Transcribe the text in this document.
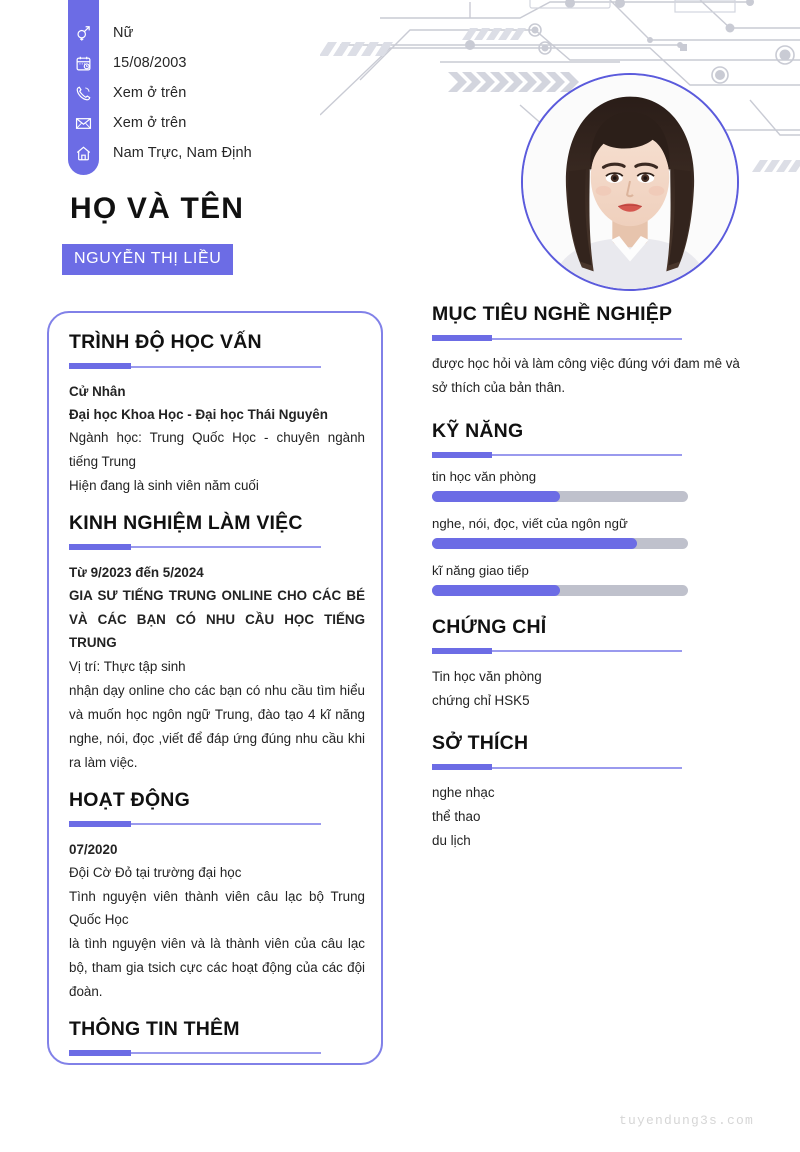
Nữ
15/08/2003
Xem ở trên
Xem ở trên
Nam Trực, Nam Định
HỌ VÀ TÊN
NGUYỄN THỊ LIỀU
TRÌNH ĐỘ HỌC VẤN
Cử Nhân
Đại học Khoa Học - Đại học Thái Nguyên
Ngành học: Trung Quốc Học - chuyên ngành tiếng Trung
Hiện đang là sinh viên năm cuối
KINH NGHIỆM LÀM VIỆC
Từ 9/2023 đến 5/2024
GIA SƯ TIẾNG TRUNG ONLINE CHO CÁC BÉ VÀ CÁC BẠN CÓ NHU CẦU HỌC TIẾNG TRUNG
Vị trí: Thực tập sinh
nhận dạy online cho các bạn có nhu cầu tìm hiểu và muốn học ngôn ngữ Trung, đào tạo 4 kĩ năng nghe, nói, đọc ,viết để đáp ứng đúng nhu cầu khi ra làm việc.
HOẠT ĐỘNG
07/2020
Đội Cờ Đỏ tại trường đại học
Tình nguyện viên thành viên câu lạc bộ Trung Quốc Học
là tình nguyện viên và là thành viên của câu lạc bộ, tham gia tsich cực các hoạt động của các đội đoàn.
THÔNG TIN THÊM
MỤC TIÊU NGHỀ NGHIỆP
được học hỏi và làm công việc đúng với đam mê và sở thích của bản thân.
KỸ NĂNG
tin học văn phòng
nghe, nói, đọc, viết của ngôn ngữ
kĩ năng giao tiếp
CHỨNG CHỈ
Tin học văn phòng
chứng chỉ HSK5
SỞ THÍCH
nghe nhạc
thể thao
du lịch
tuyendung3s.com
